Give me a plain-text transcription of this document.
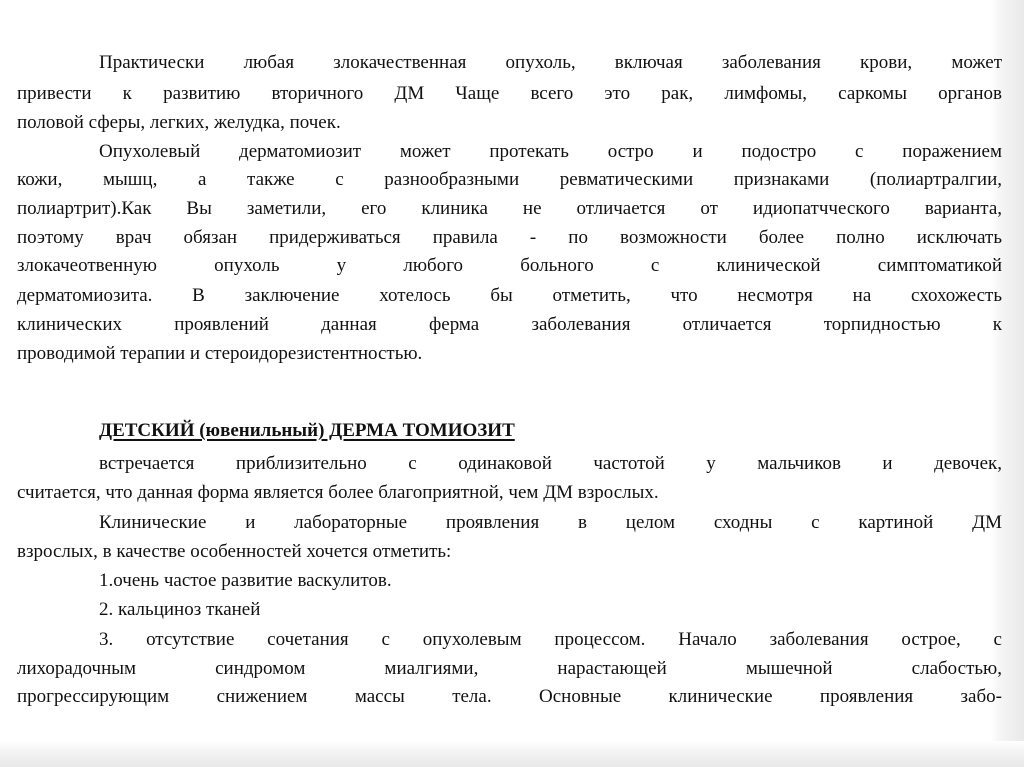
Практически любая злокачественная опухоль, включая заболевания крови, может
привести к развитию вторичного ДМ Чаще всего это рак, лимфомы, саркомы органов
половой сферы, легких, желудка, почек.
Опухолевый дерматомиозит может протекать остро и подостро с поражением
кожи, мышц, а также с разнообразными ревматическими признаками (полиартралгии,
полиартрит).Как Вы заметили, его клиника не отличается от идиопатчческого варианта,
поэтому врач обязан придерживаться правила - по возможности более полно исключать
злокачеотвенную опухоль у любого больного с клинической симптоматикой
дерматомиозита. В заключение хотелось бы отметить, что несмотря на схохожесть
клинических проявлений данная ферма заболевания отличается торпидностью к
проводимой терапии и стероидорезистентностью.
ДЕТСКИЙ (ювенильный) ДЕРМА ТОМИОЗИТ
встречается приблизительно с одинаковой частотой у мальчиков и девочек,
считается, что данная форма является более благоприятной, чем ДМ взрослых.
Клинические и лабораторные проявления в целом сходны с картиной ДМ
взрослых, в качестве особенностей хочется отметить:
1.очень частое развитие васкулитов.
2. кальциноз тканей
3. отсутствие сочетания с опухолевым процессом. Начало заболевания острое, с
лихорадочным синдромом миалгиями, нарастающей мышечной слабостью,
прогрессирующим снижением массы тела. Основные клинические проявления забо-
